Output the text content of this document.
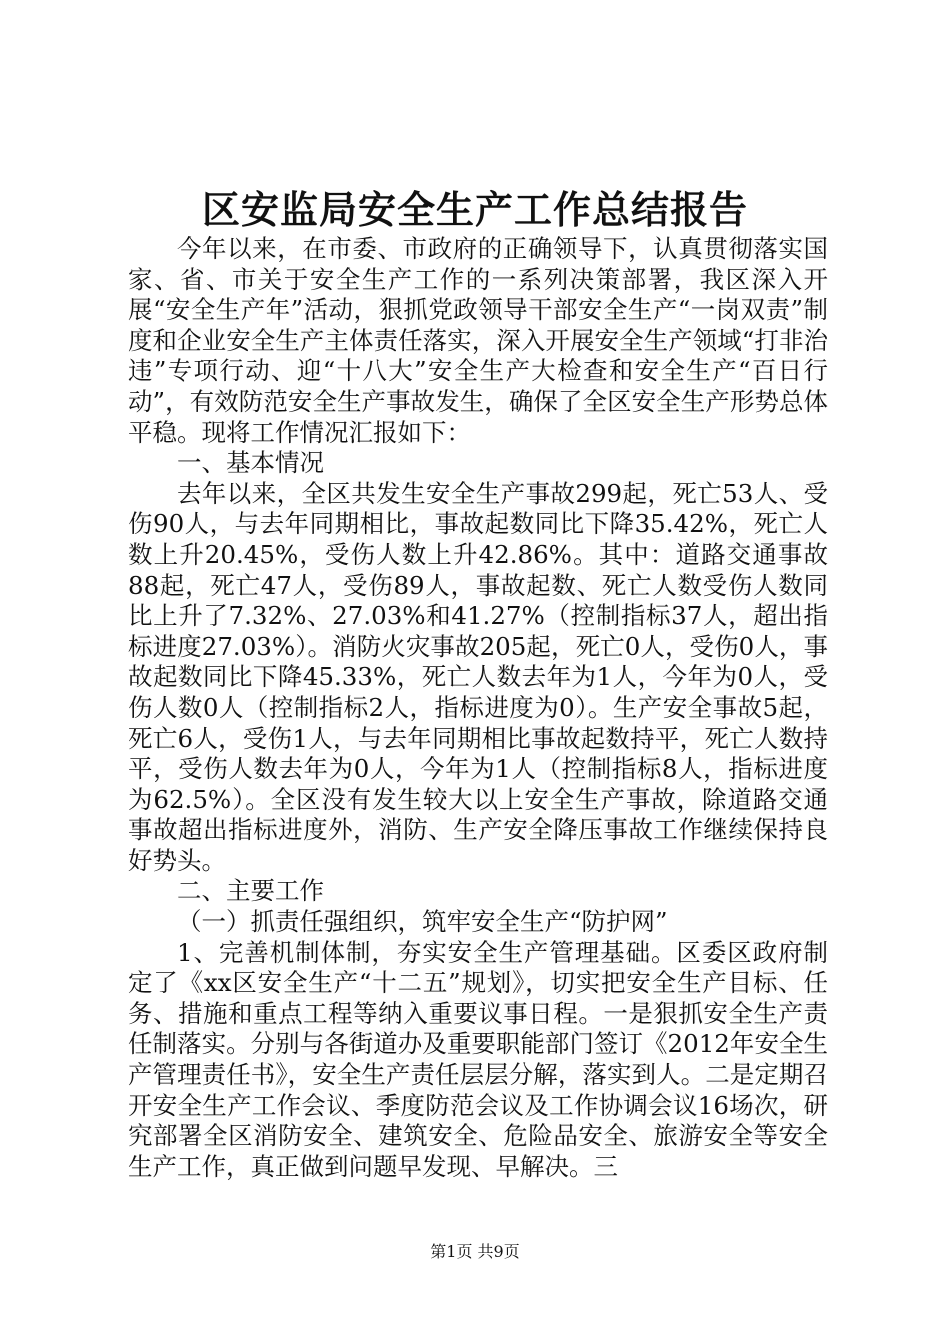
区安监局安全生产工作总结报告

今年以来，在市委、市政府的正确领导下，认真贯彻落实国家、省、市关于安全生产工作的一系列决策部署，我区深入开展“安全生产年”活动，狠抓党政领导干部安全生产“一岗双责”制度和企业安全生产主体责任落实，深入开展安全生产领域“打非治违”专项行动、迎“十八大”安全生产大检查和安全生产“百日行动”，有效防范安全生产事故发生，确保了全区安全生产形势总体平稳。现将工作情况汇报如下：

一、基本情况

去年以来，全区共发生安全生产事故299起，死亡53人、受伤90人，与去年同期相比，事故起数同比下降35.42%，死亡人数上升20.45%，受伤人数上升42.86%。其中：道路交通事故88起，死亡47人，受伤89人，事故起数、死亡人数受伤人数同比上升了7.32%、27.03%和41.27%（控制指标37人，超出指标进度27.03%）。消防火灾事故205起，死亡0人，受伤0人，事故起数同比下降45.33%，死亡人数去年为1人，今年为0人，受伤人数0人（控制指标2人，指标进度为0）。生产安全事故5起，死亡6人，受伤1人，与去年同期相比事故起数持平，死亡人数持平，受伤人数去年为0人，今年为1人（控制指标8人，指标进度为62.5%）。全区没有发生较大以上安全生产事故，除道路交通事故超出指标进度外，消防、生产安全降压事故工作继续保持良好势头。

二、主要工作

（一）抓责任强组织，筑牢安全生产“防护网”

1、完善机制体制，夯实安全生产管理基础。区委区政府制定了《xx区安全生产“十二五”规划》，切实把安全生产目标、任务、措施和重点工程等纳入重要议事日程。一是狠抓安全生产责任制落实。分别与各街道办及重要职能部门签订《2012年安全生产管理责任书》，安全生产责任层层分解，落实到人。二是定期召开安全生产工作会议、季度防范会议及工作协调会议16场次，研究部署全区消防安全、建筑安全、危险品安全、旅游安全等安全生产工作，真正做到问题早发现、早解决。三

第1页 共9页
